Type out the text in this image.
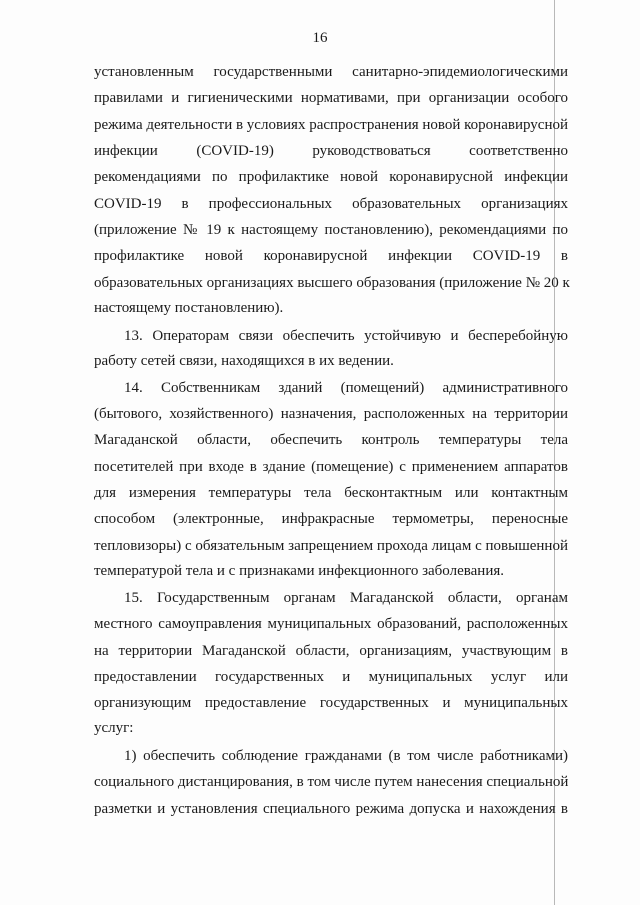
16
установленным государственными санитарно-эпидемиологическими
правилами и гигиеническими нормативами, при организации особого
режима деятельности в условиях распространения новой коронавирусной
инфекции (COVID-19) руководствоваться соответственно
рекомендациями по профилактике новой коронавирусной инфекции
COVID-19 в профессиональных образовательных организациях
(приложение № 19 к настоящему постановлению), рекомендациями по
профилактике новой коронавирусной инфекции COVID-19 в
образовательных организациях высшего образования (приложение № 20 к
настоящему постановлению).
13. Операторам связи обеспечить устойчивую и бесперебойную
работу сетей связи, находящихся в их ведении.
14. Собственникам зданий (помещений) административного
(бытового, хозяйственного) назначения, расположенных на территории
Магаданской области, обеспечить контроль температуры тела
посетителей при входе в здание (помещение) с применением аппаратов
для измерения температуры тела бесконтактным или контактным
способом (электронные, инфракрасные термометры, переносные
тепловизоры) с обязательным запрещением прохода лицам с повышенной
температурой тела и с признаками инфекционного заболевания.
15. Государственным органам Магаданской области, органам
местного самоуправления муниципальных образований, расположенных
на территории Магаданской области, организациям, участвующим в
предоставлении государственных и муниципальных услуг или
организующим предоставление государственных и муниципальных
услуг:
1) обеспечить соблюдение гражданами (в том числе работниками)
социального дистанцирования, в том числе путем нанесения специальной
разметки и установления специального режима допуска и нахождения в
